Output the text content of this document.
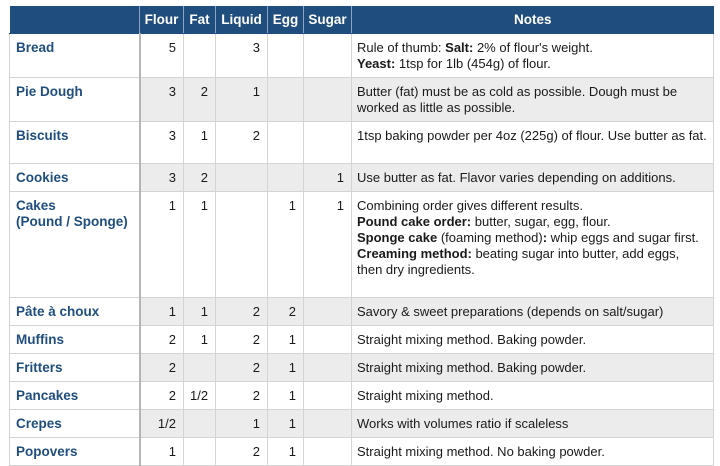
	Flour	Fat	Liquid	Egg	Sugar	Notes
Bread	5		3			Rule of thumb: Salt: 2% of flour's weight.
Yeast: 1tsp for 1lb (454g) of flour.
Pie Dough	3	2	1			Butter (fat) must be as cold as possible. Dough must be worked as little as possible.
Biscuits	3	1	2			1tsp baking powder per 4oz (225g) of flour. Use butter as fat.
Cookies	3	2			1	Use butter as fat. Flavor varies depending on additions.
Cakes
(Pound / Sponge)	1	1		1	1	Combining order gives different results.
Pound cake order: butter, sugar, egg, flour.
Sponge cake (foaming method): whip eggs and sugar first.
Creaming method: beating sugar into butter, add eggs, then dry ingredients.
Pâte à choux	1	1	2	2		Savory & sweet preparations (depends on salt/sugar)
Muffins	2	1	2	1		Straight mixing method. Baking powder.
Fritters	2		2	1		Straight mixing method. Baking powder.
Pancakes	2	1/2	2	1		Straight mixing method.
Crepes	1/2		1	1		Works with volumes ratio if scaleless
Popovers	1		2	1		Straight mixing method. No baking powder.
